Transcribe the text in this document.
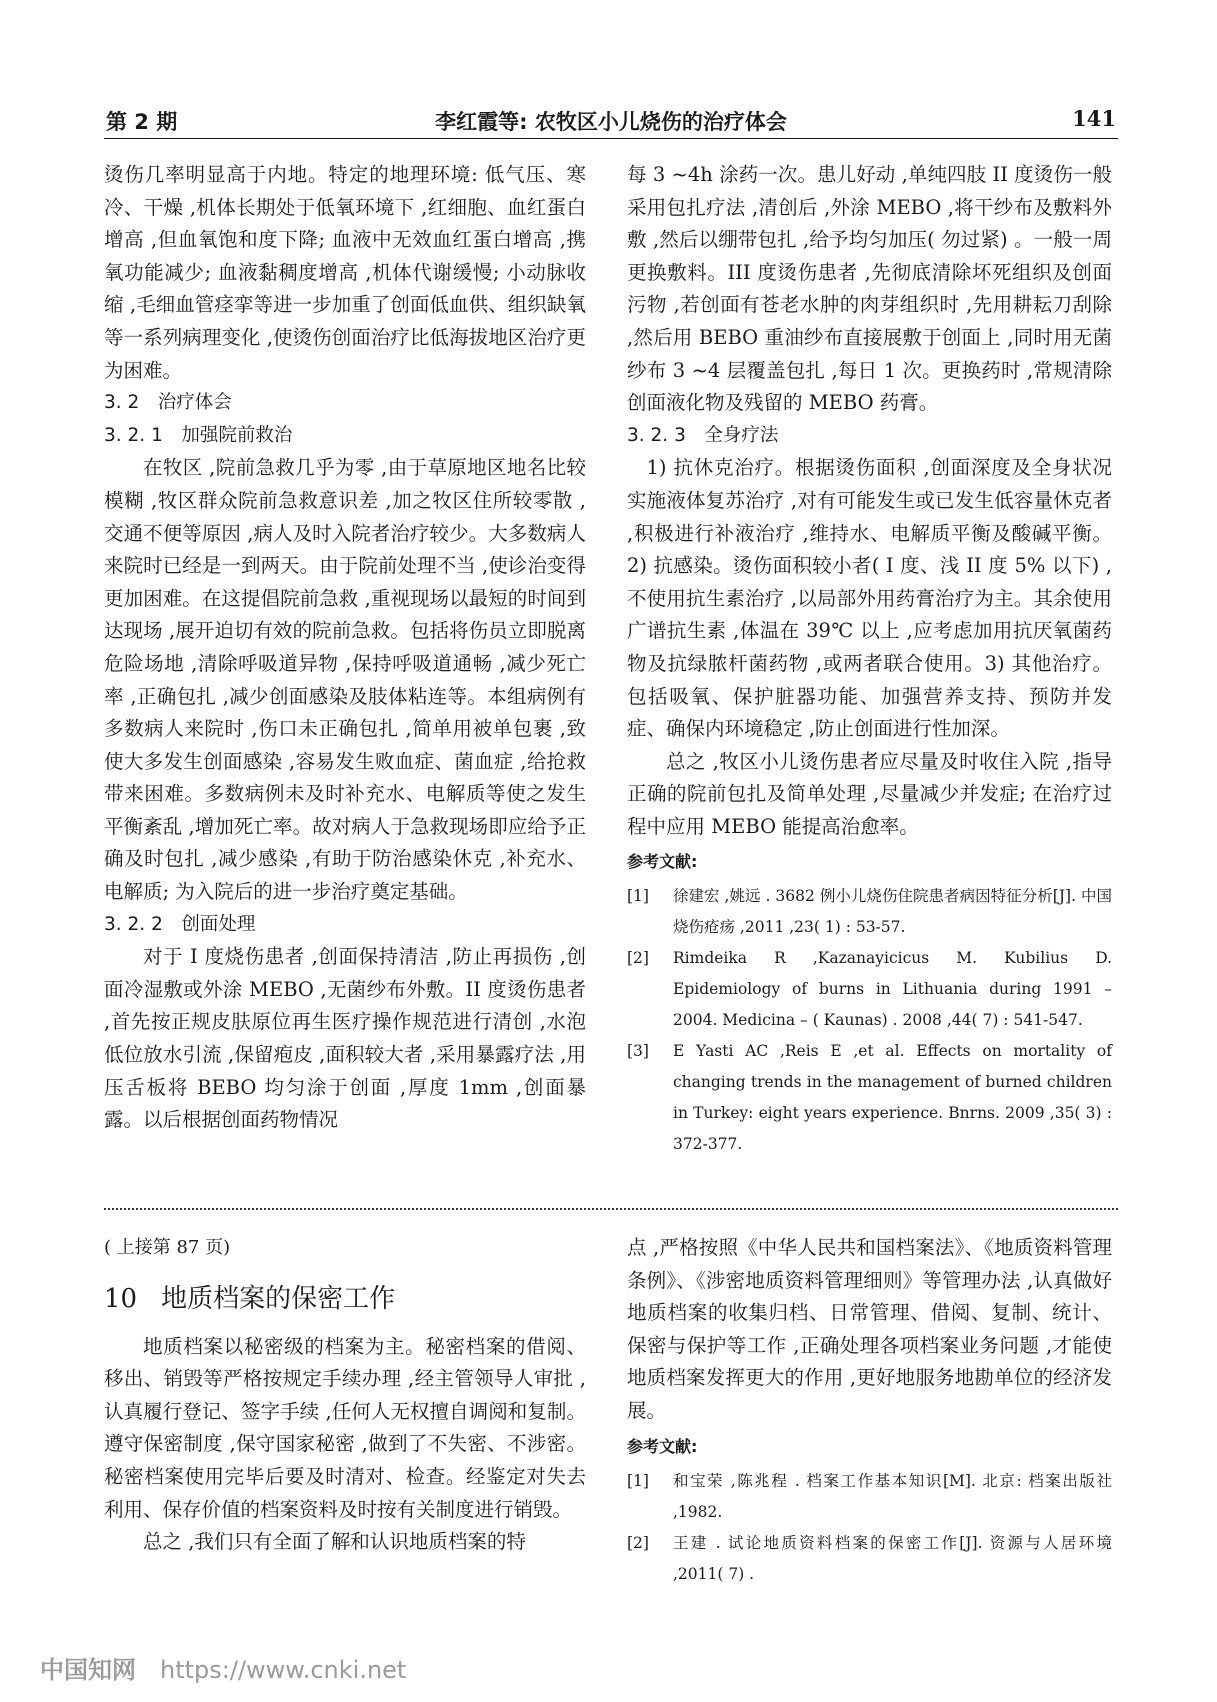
第 2 期	李红霞等: 农牧区小儿烧伤的治疗体会	141

烫伤几率明显高于内地。特定的地理环境: 低气压、寒冷、干燥 ,机体长期处于低氧环境下 ,红细胞、血红蛋白增高 ,但血氧饱和度下降; 血液中无效血红蛋白增高 ,携氧功能减少; 血液黏稠度增高 ,机体代谢缓慢; 小动脉收缩 ,毛细血管痉挛等进一步加重了创面低血供、组织缺氧等一系列病理变化 ,使烫伤创面治疗比低海拔地区治疗更为困难。

3. 2　治疗体会

3. 2. 1　加强院前救治

在牧区 ,院前急救几乎为零 ,由于草原地区地名比较模糊 ,牧区群众院前急救意识差 ,加之牧区住所较零散 ,交通不便等原因 ,病人及时入院者治疗较少。大多数病人来院时已经是一到两天。由于院前处理不当 ,使诊治变得更加困难。在这提倡院前急救 ,重视现场以最短的时间到达现场 ,展开迫切有效的院前急救。包括将伤员立即脱离危险场地 ,清除呼吸道异物 ,保持呼吸道通畅 ,减少死亡率 ,正确包扎 ,减少创面感染及肢体粘连等。本组病例有多数病人来院时 ,伤口未正确包扎 ,简单用被单包裹 ,致使大多发生创面感染 ,容易发生败血症、菌血症 ,给抢救带来困难。多数病例未及时补充水、电解质等使之发生平衡紊乱 ,增加死亡率。故对病人于急救现场即应给予正确及时包扎 ,减少感染 ,有助于防治感染休克 ,补充水、电解质; 为入院后的进一步治疗奠定基础。

3. 2. 2　创面处理

对于 I 度烧伤患者 ,创面保持清洁 ,防止再损伤 ,创面冷湿敷或外涂 MEBO ,无菌纱布外敷。II 度烫伤患者 ,首先按正规皮肤原位再生医疗操作规范进行清创 ,水泡低位放水引流 ,保留疱皮 ,面积较大者 ,采用暴露疗法 ,用压舌板将 BEBO 均匀涂于创面 ,厚度 1mm ,创面暴露。以后根据创面药物情况

每 3 ~4h 涂药一次。患儿好动 ,单纯四肢 II 度烫伤一般采用包扎疗法 ,清创后 ,外涂 MEBO ,将干纱布及敷料外敷 ,然后以绷带包扎 ,给予均匀加压( 勿过紧) 。一般一周更换敷料。III 度烫伤患者 ,先彻底清除坏死组织及创面污物 ,若创面有苍老水肿的肉芽组织时 ,先用耕耘刀刮除 ,然后用 BEBO 重油纱布直接展敷于创面上 ,同时用无菌纱布 3 ~4 层覆盖包扎 ,每日 1 次。更换药时 ,常规清除创面液化物及残留的 MEBO 药膏。

3. 2. 3　全身疗法

1) 抗休克治疗。根据烫伤面积 ,创面深度及全身状况实施液体复苏治疗 ,对有可能发生或已发生低容量休克者 ,积极进行补液治疗 ,维持水、电解质平衡及酸碱平衡。2) 抗感染。烫伤面积较小者( I 度、浅 II 度 5% 以下) ,不使用抗生素治疗 ,以局部外用药膏治疗为主。其余使用广谱抗生素 ,体温在 39℃ 以上 ,应考虑加用抗厌氧菌药物及抗绿脓杆菌药物 ,或两者联合使用。3) 其他治疗。包括吸氧、保护脏器功能、加强营养支持、预防并发症、确保内环境稳定 ,防止创面进行性加深。

总之 ,牧区小儿烫伤患者应尽量及时收住入院 ,指导正确的院前包扎及简单处理 ,尽量减少并发症; 在治疗过程中应用 MEBO 能提高治愈率。

参考文献:
[1] 徐建宏 ,姚远 . 3682 例小儿烧伤住院患者病因特征分析[J]. 中国烧伤疮疡 ,2011 ,23( 1) : 53-57.
[2] Rimdeika R ,Kazanayicicus M. Kubilius D. Epidemiology of burns in Lithuania during 1991 – 2004. Medicina – ( Kaunas) . 2008 ,44( 7) : 541-547.
[3] E Yasti AC ,Reis E ,et al. Effects on mortality of changing trends in the management of burned children in Turkey: eight years experience. Bnrns. 2009 ,35( 3) : 372-377.

( 上接第 87 页)

10 地质档案的保密工作

地质档案以秘密级的档案为主。秘密档案的借阅、移出、销毁等严格按规定手续办理 ,经主管领导人审批 ,认真履行登记、签字手续 ,任何人无权擅自调阅和复制。遵守保密制度 ,保守国家秘密 ,做到了不失密、不涉密。秘密档案使用完毕后要及时清对、检查。经鉴定对失去利用、保存价值的档案资料及时按有关制度进行销毁。

总之 ,我们只有全面了解和认识地质档案的特

点 ,严格按照《中华人民共和国档案法》、《地质资料管理条例》、《涉密地质资料管理细则》等管理办法 ,认真做好地质档案的收集归档、日常管理、借阅、复制、统计、保密与保护等工作 ,正确处理各项档案业务问题 ,才能使地质档案发挥更大的作用 ,更好地服务地勘单位的经济发展。

参考文献:
[1] 和宝荣 ,陈兆程 . 档案工作基本知识[M]. 北京: 档案出版社 ,1982.
[2] 王建 . 试论地质资料档案的保密工作[J]. 资源与人居环境 ,2011( 7) .
中国知网 https://www.cnki.net
